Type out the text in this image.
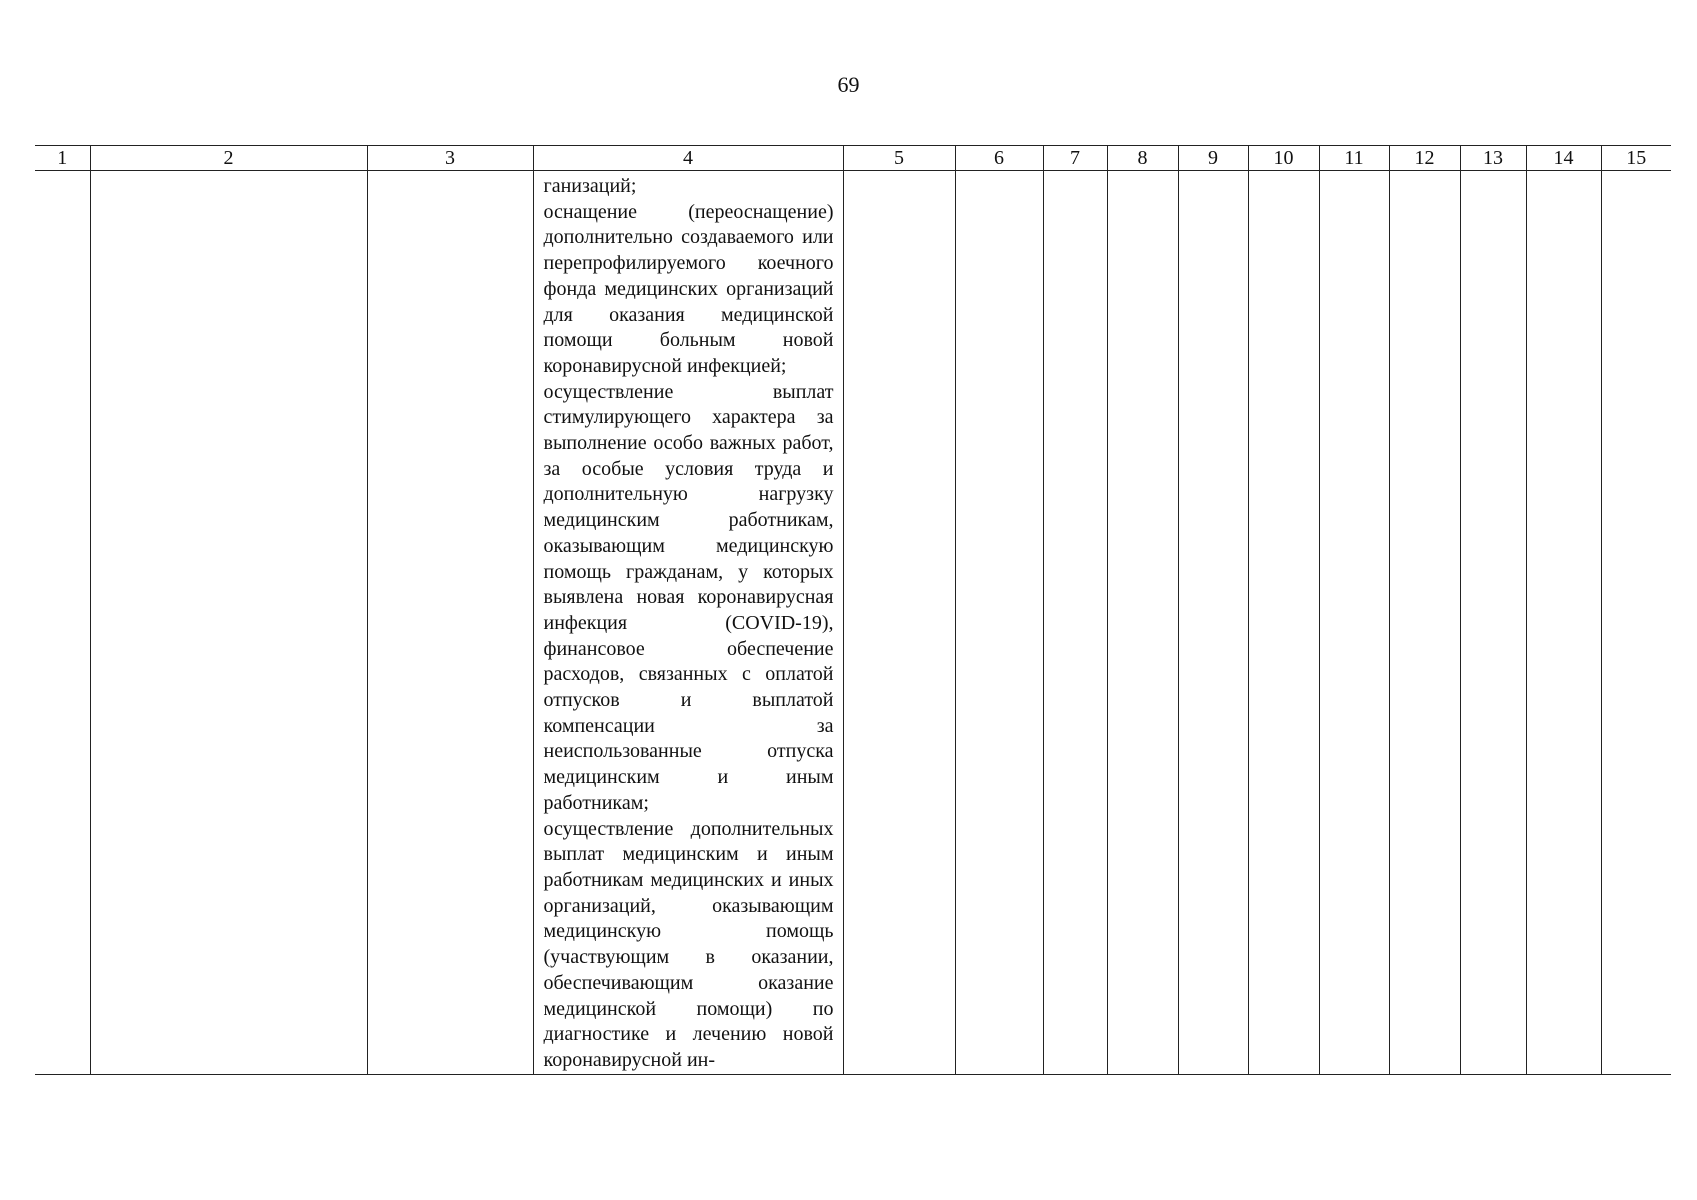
69
1	2	3	4	5	6	7	8	9	10	11	12	13	14	15

			ганизаций;

оснащение (переоснащение) дополнительно создаваемого или перепрофилируемого коечного фонда медицинских организаций для оказания медицинской помощи больным новой коронавирусной инфекцией;

осуществление выплат стимулирующего характера за выполнение особо важных работ, за особые условия труда и дополнительную нагрузку медицинским работникам, оказывающим медицинскую помощь гражданам, у которых выявлена новая коронавирусная инфекция (COVID-19), финансовое обеспечение расходов, связанных с оплатой отпусков и выплатой компенсации за неиспользованные отпуска медицинским и иным работникам;

осуществление дополнительных выплат медицинским и иным работникам медицинских и иных организаций, оказывающим медицинскую помощь (участвующим в оказании, обеспечивающим оказание медицинской помощи) по диагностике и лечению новой коронавирусной ин-											
